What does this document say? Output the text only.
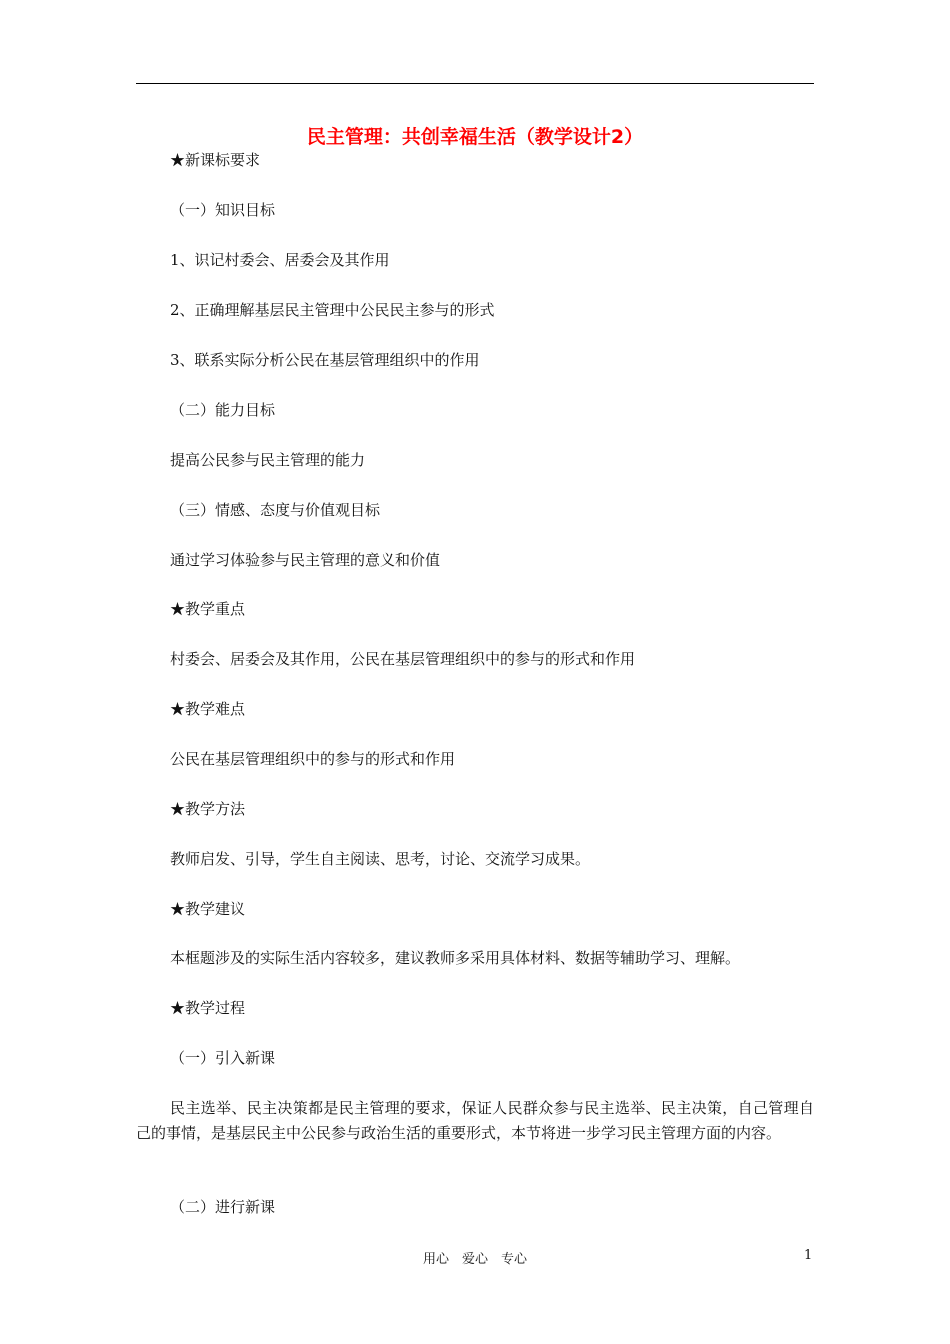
民主管理：共创幸福生活（教学设计2）
★新课标要求
（一）知识目标
1、识记村委会、居委会及其作用
2、正确理解基层民主管理中公民民主参与的形式
3、联系实际分析公民在基层管理组织中的作用
（二）能力目标
提高公民参与民主管理的能力
（三）情感、态度与价值观目标
通过学习体验参与民主管理的意义和价值
★教学重点
村委会、居委会及其作用，公民在基层管理组织中的参与的形式和作用
★教学难点
公民在基层管理组织中的参与的形式和作用
★教学方法
教师启发、引导，学生自主阅读、思考，讨论、交流学习成果。
★教学建议
本框题涉及的实际生活内容较多，建议教师多采用具体材料、数据等辅助学习、理解。
★教学过程
（一）引入新课
民主选举、民主决策都是民主管理的要求，保证人民群众参与民主选举、民主决策，自己管理自己的事情，是基层民主中公民参与政治生活的重要形式，本节将进一步学习民主管理方面的内容。
（二）进行新课
用心　爱心　专心	1
